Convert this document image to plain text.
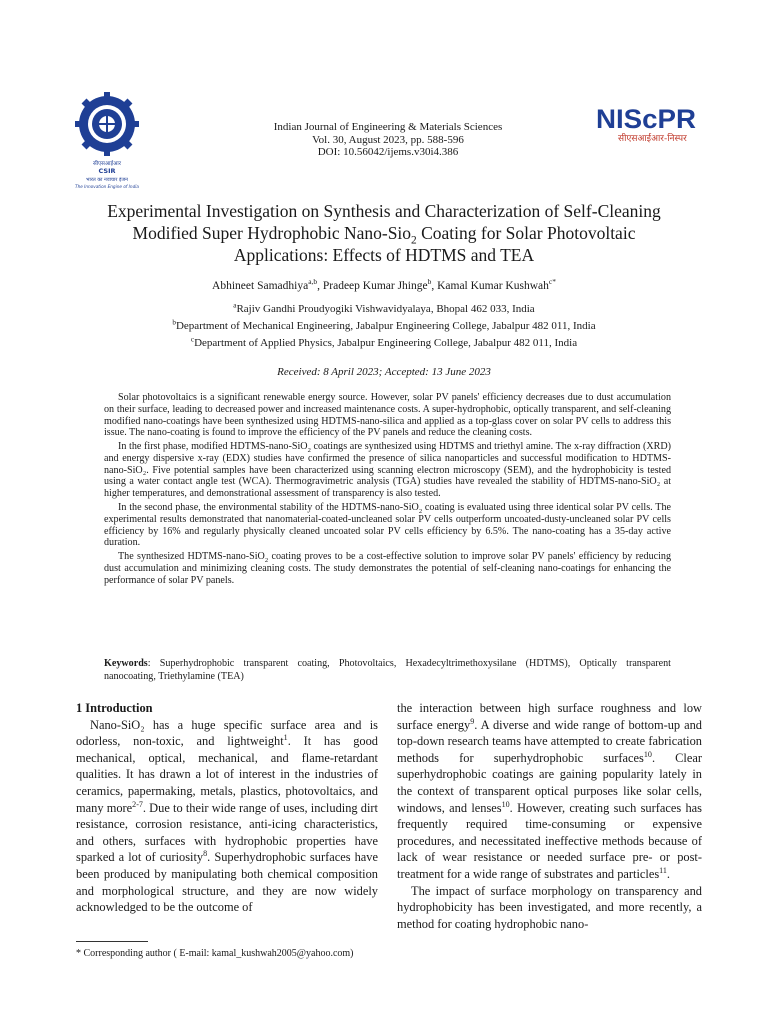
सीएसआईआर
CSIR
भारत का नवाचार इंजन
The Innovation Engine of India
NIScPR
सीएसआईआर-निस्पर
Indian Journal of Engineering & Materials Sciences
Vol. 30, August 2023, pp. 588-596
DOI: 10.56042/ijems.v30i4.386
Experimental Investigation on Synthesis and Characterization of Self-Cleaning
Modified Super Hydrophobic Nano-Sio$_2$ Coating for Solar Photovoltaic
Applications: Effects of HDTMS and TEA
Abhineet Samadhiya$^{a,b}$, Pradeep Kumar Jhinge$^b$, Kamal Kumar Kushwah$^{c*}$
$^a$Rajiv Gandhi Proudyogiki Vishwavidyalaya, Bhopal 462 033, India
$^b$Department of Mechanical Engineering, Jabalpur Engineering College, Jabalpur 482 011, India
$^c$Department of Applied Physics, Jabalpur Engineering College, Jabalpur 482 011, India
Received: 8 April 2023; Accepted: 13 June 2023

Solar photovoltaics is a significant renewable energy source. However, solar PV panels' efficiency decreases due to dust accumulation on their surface, leading to decreased power and increased maintenance costs. A super-hydrophobic, optically transparent, and self-cleaning modified nano-coatings have been synthesized using HDTMS-nano-silica and applied as a top-glass cover on solar PV cells to address this issue. The nano-coating is found to improve the efficiency of the PV panels and reduce the cleaning costs.

In the first phase, modified HDTMS-nano-SiO$_2$ coatings are synthesized using HDTMS and triethyl amine. The x-ray diffraction (XRD) and energy dispersive x-ray (EDX) studies have confirmed the presence of silica nanoparticles and successful modification to HDTMS-nano-SiO₂. Five potential samples have been characterized using scanning electron microscopy (SEM), and the hydrophobicity is tested using a water contact angle test (WCA). Thermogravimetric analysis (TGA) studies have revealed the stability of HDTMS-nano-SiO₂ at higher temperatures, and demonstrational assessment of transparency is also tested.

In the second phase, the environmental stability of the HDTMS-nano-SiO$_2$ coating is evaluated using three identical solar PV cells. The experimental results demonstrated that nanomaterial-coated-uncleaned solar PV cells outperform uncoated-dusty-uncleaned solar PV cells efficiency by 16% and regularly physically cleaned uncoated solar PV cells efficiency by 6.5%. The nano-coating has a 35-day active duration.

The synthesized HDTMS-nano-SiO$_2$ coating proves to be a cost-effective solution to improve solar PV panels' efficiency by reducing dust accumulation and minimizing cleaning costs. The study demonstrates the potential of self-cleaning nano-coatings for enhancing the performance of solar PV panels.

Keywords: Superhydrophobic transparent coating, Photovoltaics, Hexadecyltrimethoxysilane (HDTMS), Optically transparent nanocoating, Triethylamine (TEA)

1 Introduction

Nano-SiO₂ has a huge specific surface area and is odorless, non-toxic, and lightweight$^1$. It has good mechanical, optical, mechanical, and flame-retardant qualities. It has drawn a lot of interest in the industries of ceramics, papermaking, metals, plastics, photovoltaics, and many more$^{2-7}$. Due to their wide range of uses, including dirt resistance, corrosion resistance, anti-icing characteristics, and others, surfaces with hydrophobic properties have sparked a lot of curiosity$^8$. Superhydrophobic surfaces have been produced by manipulating both chemical composition and morphological structure, and they are now widely acknowledged to be the outcome of

the interaction between high surface roughness and low surface energy$^9$. A diverse and wide range of bottom-up and top-down research teams have attempted to create fabrication methods for superhydrophobic surfaces$^{10}$. Clear superhydrophobic coatings are gaining popularity lately in the context of transparent optical purposes like solar cells, windows, and lenses$^{10}$. However, creating such surfaces has frequently required time-consuming or expensive procedures, and necessitated ineffective methods because of lack of wear resistance or needed surface pre- or post-treatment for a wide range of substrates and particles$^{11}$.

The impact of surface morphology on transparency and hydrophobicity has been investigated, and more recently, a method for coating hydrophobic nano-

* Corresponding author ( E-mail: kamal_kushwah2005@yahoo.com)
